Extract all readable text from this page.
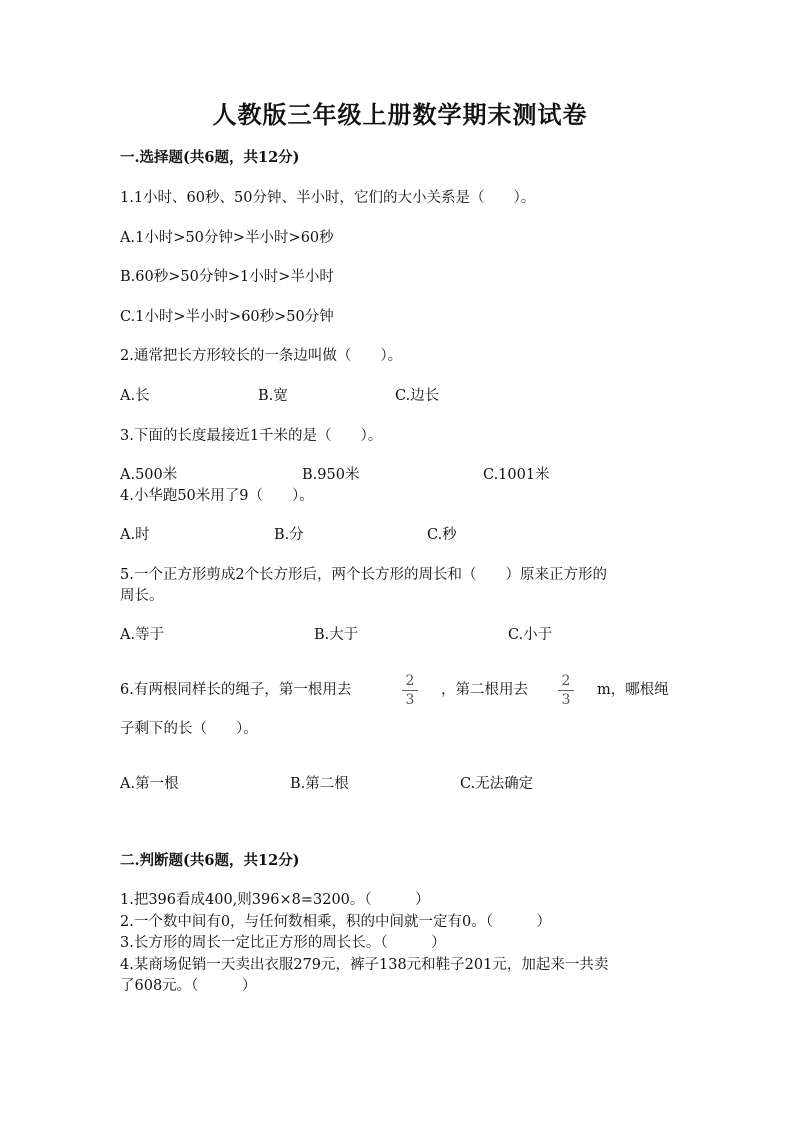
人教版三年级上册数学期末测试卷
一.选择题(共6题，共12分)
1.1小时、60秒、50分钟、半小时，它们的大小关系是（　　）。
A.1小时>50分钟>半小时>60秒
B.60秒>50分钟>1小时>半小时
C.1小时>半小时>60秒>50分钟
2.通常把长方形较长的一条边叫做（　　）。
A.长	B.宽	C.边长
3.下面的长度最接近1千米的是（　　）。
A.500米	B.950米	C.1001米
4.小华跑50米用了9（　　）。
A.时	B.分	C.秒
5.一个正方形剪成2个长方形后，两个长方形的周长和（　　）原来正方形的
周长。
A.等于	B.大于	C.小于
6.有两根同样长的绳子，第一根用去
2
3
，第二根用去
2
3
m，哪根绳
子剩下的长（　　）。
A.第一根	B.第二根	C.无法确定
二.判断题(共6题，共12分)
1.把396看成400,则396×8=3200。（　　　）
2.一个数中间有0，与任何数相乘，积的中间就一定有0。（　　　）
3.长方形的周长一定比正方形的周长长。（　　　）
4.某商场促销一天卖出衣服279元，裤子138元和鞋子201元，加起来一共卖
了608元。（　　　）
